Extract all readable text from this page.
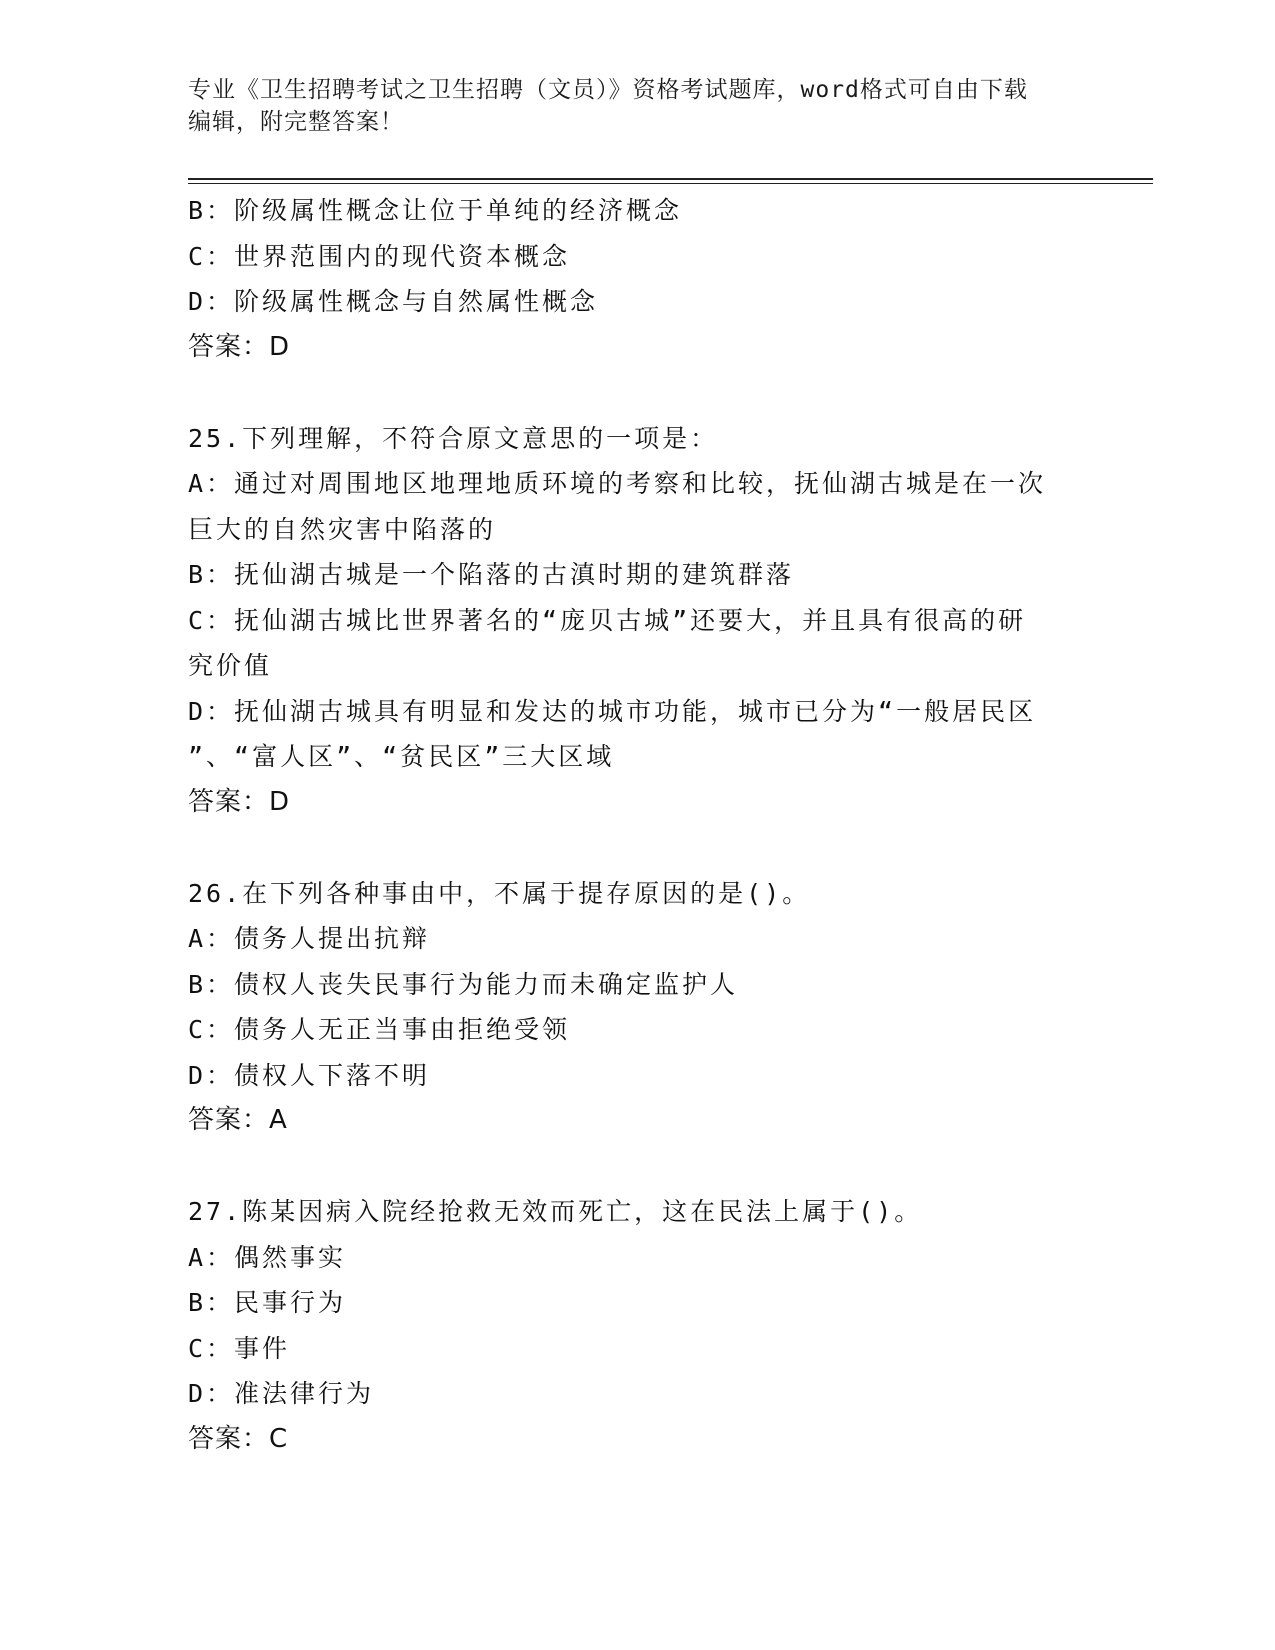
专业《卫生招聘考试之卫生招聘（文员）》资格考试题库，word格式可自由下载
编辑，附完整答案！
B：阶级属性概念让位于单纯的经济概念
C：世界范围内的现代资本概念
D：阶级属性概念与自然属性概念
答案：D
25.下列理解，不符合原文意思的一项是：
A：通过对周围地区地理地质环境的考察和比较，抚仙湖古城是在一次
巨大的自然灾害中陷落的
B：抚仙湖古城是一个陷落的古滇时期的建筑群落
C：抚仙湖古城比世界著名的“庞贝古城”还要大，并且具有很高的研
究价值
D：抚仙湖古城具有明显和发达的城市功能，城市已分为“一般居民区
”、“富人区”、“贫民区”三大区域
答案：D
26.在下列各种事由中，不属于提存原因的是()。
A：债务人提出抗辩
B：债权人丧失民事行为能力而未确定监护人
C：债务人无正当事由拒绝受领
D：债权人下落不明
答案：A
27.陈某因病入院经抢救无效而死亡，这在民法上属于()。
A：偶然事实
B：民事行为
C：事件
D：准法律行为
答案：C
